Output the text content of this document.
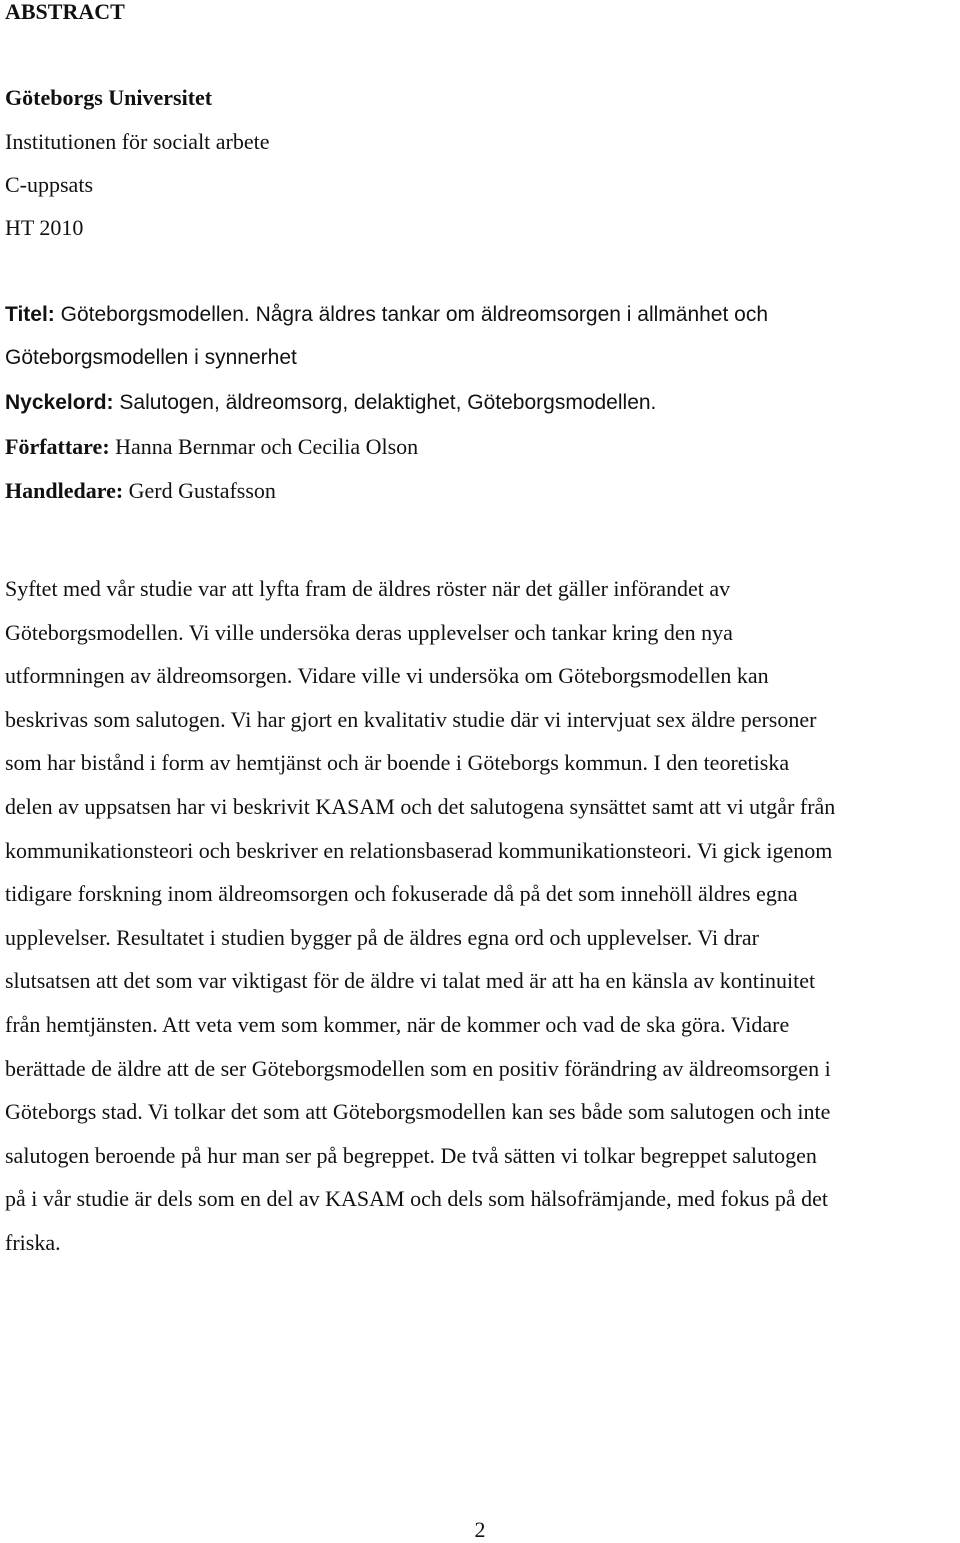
ABSTRACT
Göteborgs Universitet
Institutionen för socialt arbete
C-uppsats
HT 2010
Titel: Göteborgsmodellen. Några äldres tankar om äldreomsorgen i allmänhet och
Göteborgsmodellen i synnerhet
Nyckelord: Salutogen, äldreomsorg, delaktighet, Göteborgsmodellen.
Författare: Hanna Bernmar och Cecilia Olson
Handledare: Gerd Gustafsson

Syftet med vår studie var att lyfta fram de äldres röster när det gäller införandet av
Göteborgsmodellen. Vi ville undersöka deras upplevelser och tankar kring den nya
utformningen av äldreomsorgen. Vidare ville vi undersöka om Göteborgsmodellen kan
beskrivas som salutogen. Vi har gjort en kvalitativ studie där vi intervjuat sex äldre personer
som har bistånd i form av hemtjänst och är boende i Göteborgs kommun. I den teoretiska
delen av uppsatsen har vi beskrivit KASAM och det salutogena synsättet samt att vi utgår från
kommunikationsteori och beskriver en relationsbaserad kommunikationsteori. Vi gick igenom
tidigare forskning inom äldreomsorgen och fokuserade då på det som innehöll äldres egna
upplevelser. Resultatet i studien bygger på de äldres egna ord och upplevelser. Vi drar
slutsatsen att det som var viktigast för de äldre vi talat med är att ha en känsla av kontinuitet
från hemtjänsten. Att veta vem som kommer, när de kommer och vad de ska göra. Vidare
berättade de äldre att de ser Göteborgsmodellen som en positiv förändring av äldreomsorgen i
Göteborgs stad. Vi tolkar det som att Göteborgsmodellen kan ses både som salutogen och inte
salutogen beroende på hur man ser på begreppet. De två sätten vi tolkar begreppet salutogen
på i vår studie är dels som en del av KASAM och dels som hälsofrämjande, med fokus på det
friska.

2
